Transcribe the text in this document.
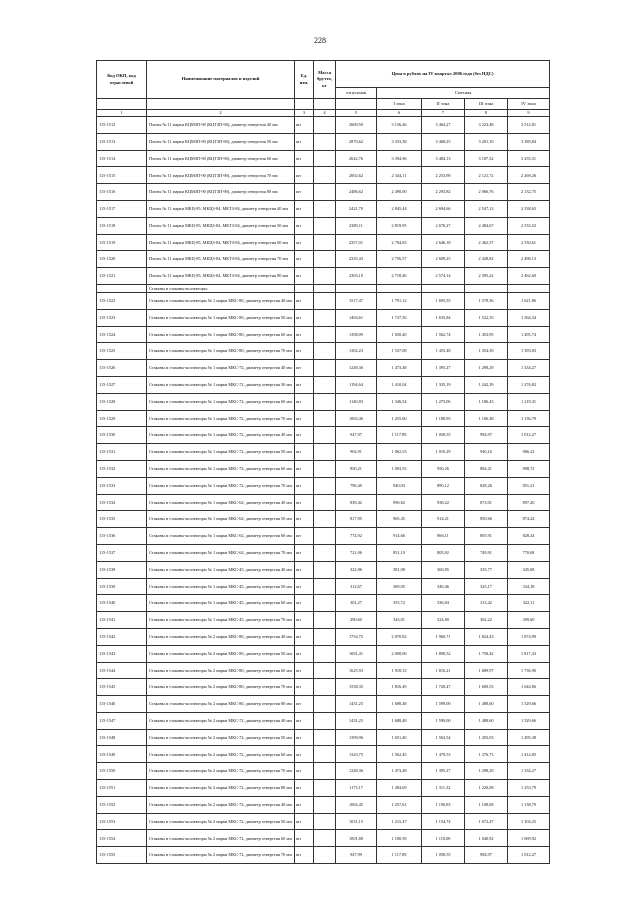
228
Код ОКП, код отраслевой	Наименование материалов и изделий	Ед. изм.	Масса брутто, кг	Цена в рублях на IV квартал 2006 года (без НДС)				
				отпускная	Сметная			
					I зона	II зона	III зона	IV зона
1	2	3	4	5	6	7	8	9
115-1512	Плиты № 11 марки КЦМЗП-90 (КЦТЗП-90), диаметр отверстия 40 мм	шт		2669,50	3 156,46	3 464,27	3 223,48	3 512,81
115-1513	Плиты № 11 марки КЦМЗП-90 (КЦТЗП-90), диаметр отверстия 50 мм	шт		2870,62	3 333,38	3 468,25	3 201,10	3 389,84
115-1514	Плиты № 11 марки КЦМЗП-90 (КЦТЗП-90), диаметр отверстия 60 мм	шт		2642,76	3 394,96	3 484,13	3 187,32	3 255,31
115-1515	Плиты № 11 марки КЦМЗП-90 (КЦТЗП-90), диаметр отверстия 70 мм	шт		2002,62	2 344,11	2 253,98	2 121,72	2 269,26
115-1516	Плиты № 11 марки КЦМЗП-90 (КЦТЗП-90), диаметр отверстия 80 мм	шт		2486,62	2 490,00	2 293,82	2 066,76	2 132,75
115-1517	Плиты № 11 марки МКЦ-85, МКЦЗ-84, МКТЗ-84, диаметр отверстия 40 мм	шт		2421,70	2 845,44	2 694,66	2 547,12	2 538,65
115-1518	Плиты № 11 марки МКЦ-85, МКЦЗ-84, МКТЗ-84, диаметр отверстия 50 мм	шт		2389,11	2 819,95	2 670,27	2 484,67	2 533,52
115-1519	Плиты № 11 марки МКЦ-85, МКЦЗ-84, МКТЗ-84, диаметр отверстия 60 мм	шт		2357,01	2 794,65	2 646,18	2 462,37	2 530,61
115-1520	Плиты № 11 марки МКЦ-85, МКЦЗ-84, МКТЗ-84, диаметр отверстия 70 мм	шт		2335,43	2 756,57	2 609,25	2 428,82	2 496,13
115-1521	Плиты № 11 марки МКЦ-85, МКЦЗ-84, МКТЗ-84, диаметр отверстия 80 мм	шт		2303,10	2 718,46	2 574,14	2 395,22	2 462,60
	Стаканы и стаканы-коллекторы:							
115-1522	Стаканы и стаканы-коллекторы № 1 марки МКС-80, диаметр отверстия 40 мм	шт		1517,47	1 791,12	1 695,55	1 578,36	1 621,86
115-1523	Стаканы и стаканы-коллекторы № 1 марки МКС-80, диаметр отверстия 50 мм	шт		1463,61	1 727,56	1 635,84	1 522,35	1 564,34
115-1524	Стаканы и стаканы-коллекторы № 1 марки МКС-80, диаметр отверстия 60 мм	шт		1398,09	1 650,40	1 562,74	1 453,95	1 495,74
115-1525	Стаканы и стаканы-коллекторы № 1 марки МКС-80, диаметр отверстия 70 мм	шт		1302,23	1 537,08	1 455,48	1 354,39	1 393,83
115-1526	Стаканы и стаканы-коллекторы № 1 марки МКС-72, диаметр отверстия 40 мм	шт		1248,36	1 473,48	1 395,27	1 298,29	1 334,27
115-1527	Стаканы и стаканы-коллекторы № 1 марки МКС-72, диаметр отверстия 50 мм	шт		1194,64	1 410,04	1 335,19	1 242,39	1 276,82
115-1528	Стаканы и стаканы-коллекторы № 1 марки МКС-72, диаметр отверстия 60 мм	шт		1140,83	1 346,54	1 275,06	1 186,43	1 219,31
115-1529	Стаканы и стаканы-коллекторы № 1 марки МКС-72, диаметр отверстия 70 мм	шт		1063,46	1 255,60	1 188,95	1 106,48	1 136,79
115-1530	Стаканы и стаканы-коллекторы № 1 марки МКС-72, диаметр отверстия 40 мм	шт		947,97	1 117,89	1 058,55	984,97	1 012,27
115-1531	Стаканы и стаканы-коллекторы № 1 марки МКС-72, диаметр отверстия 50 мм	шт		904,91	1 062,53	1 010,29	940,16	966,22
115-1532	Стаканы и стаканы-коллекторы № 1 марки МКС-72, диаметр отверстия 60 мм	шт		850,21	1 003,53	950,26	884,21	908,72
115-1533	Стаканы и стаканы-коллекторы № 1 марки МКС-72, диаметр отверстия 70 мм	шт		796,40	940,03	890,12	828,26	851,21
115-1534	Стаканы и стаканы-коллекторы № 1 марки МКС-62, диаметр отверстия 40 мм	шт		839,42	990,82	938,22	873,01	897,20
115-1535	Стаканы и стаканы-коллекторы № 1 марки МКС-62, диаметр отверстия 50 мм	шт		817,95	965,45	914,21	850,66	874,24
115-1536	Стаканы и стаканы-коллекторы № 1 марки МКС-62, диаметр отверстия 60 мм	шт		774,92	914,66	866,11	805,91	828,24
115-1537	Стаканы и стаканы-коллекторы № 1 марки МКС-62, диаметр отверстия 70 мм	шт		721,06	851,10	805,92	749,91	770,68
115-1538	Стаканы и стаканы-коллекторы № 1 марки МКС-45, диаметр отверстия 40 мм	шт		322,86	381,08	360,85	335,77	345,08
115-1539	Стаканы и стаканы-коллекторы № 1 марки МКС-45, диаметр отверстия 50 мм	шт		312,67	369,05	349,46	325,17	334,18
115-1540	Стаканы и стаканы-коллекторы № 1 марки МКС-45, диаметр отверстия 60 мм	шт		301,27	355,72	336,84	313,42	322,11
115-1541	Стаканы и стаканы-коллекторы № 1 марки МКС-45, диаметр отверстия 70 мм	шт		290,60	343,01	324,80	302,22	309,60
115-1542	Стаканы и стаканы-коллекторы № 2 марки МКС-80, диаметр отверстия 40 мм	шт		1754,75	2 070,82	1 960,71	1 824,43	1 874,99
115-1543	Стаканы и стаканы-коллекторы № 2 марки МКС-80, диаметр отверстия 50 мм	шт		1691,41	2 000,06	1 890,52	1 758,42	1 817,43
115-1544	Стаканы и стаканы-коллекторы № 2 марки МКС-80, диаметр отверстия 60 мм	шт		1625,93	1 918,33	1 816,21	1 689,97	1 736,90
115-1545	Стаканы и стаканы-коллекторы № 2 марки МКС-80, диаметр отверстия 70 мм	шт		1538,35	1 816,49	1 720,47	1 600,53	1 644,86
115-1546	Стаканы и стаканы-коллекторы № 2 марки МКС-80, диаметр отверстия 80 мм	шт		1431,25	1 688,48	1 599,00	1 488,60	1 529,66
115-1547	Стаканы и стаканы-коллекторы № 2 марки МКС-72, диаметр отверстия 40 мм	шт		1431,25	1 688,48	1 599,00	1 488,60	1 529,66
115-1548	Стаканы и стаканы-коллекторы № 2 марки МКС-72, диаметр отверстия 50 мм	шт		1399,96	1 651,40	1 563,54	1 455,03	1 495,38
115-1549	Стаканы и стаканы-коллекторы № 2 марки МКС-72, диаметр отверстия 60 мм	шт		1323,75	1 562,45	1 479,53	1 376,73	1 414,85
115-1550	Стаканы и стаканы-коллекторы № 2 марки МКС-72, диаметр отверстия 70 мм	шт		1248,36	1 473,48	1 395,27	1 298,29	1 334,27
115-1551	Стаканы и стаканы-коллекторы № 2 марки МКС-72, диаметр отверстия 80 мм	шт		1173,17	1 384,69	1 311,32	1 220,08	1 253,79
115-1552	Стаканы и стаканы-коллекторы № 2 марки МКС-72, диаметр отверстия 40 мм	шт		1062,45	1 257,61	1 190,83	1 108,08	1 138,79
115-1553	Стаканы и стаканы-коллекторы № 2 марки МКС-72, диаметр отверстия 50 мм	шт		1031,15	1 215,47	1 154,74	1 072,47	1 104,25
115-1554	Стаканы и стаканы-коллекторы № 2 марки МКС-72, диаметр отверстия 60 мм	шт		1001,88	1 180,39	1 118,08	1 040,92	1 069,92
115-1555	Стаканы и стаканы-коллекторы № 2 марки МКС-72, диаметр отверстия 70 мм	шт		947,99	1 117,89	1 058,55	984,97	1 012,27
